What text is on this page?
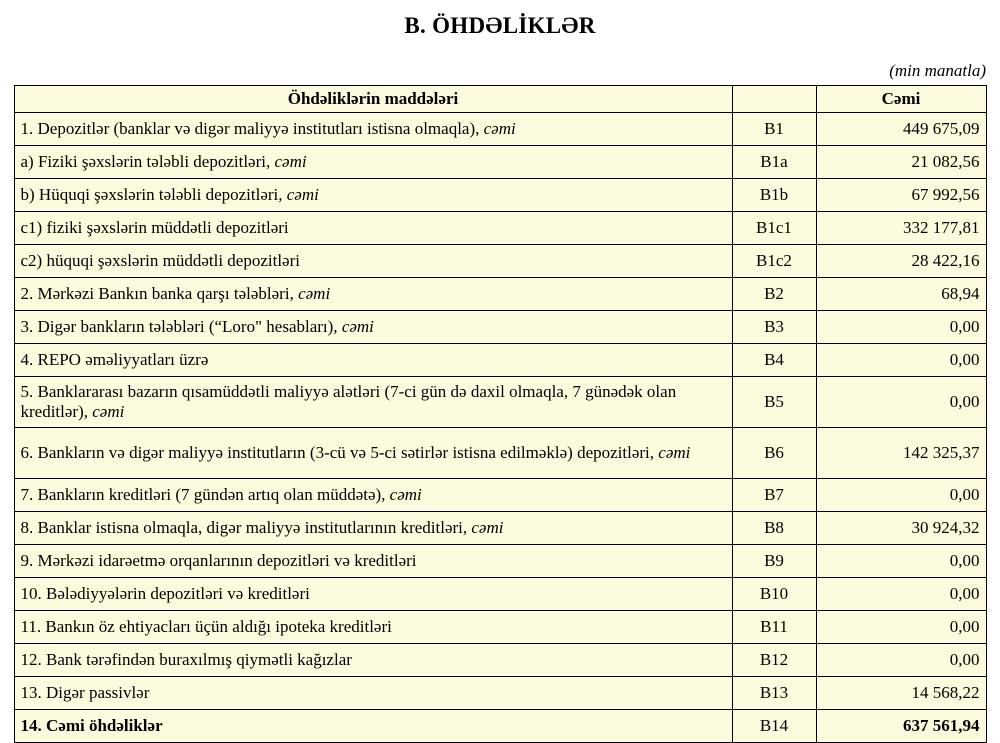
B. ÖHDƏLİKLƏR
(min manatla)
Öhdəliklərin maddələri		Cəmi
1. Depozitlər (banklar və digər maliyyə institutları istisna olmaqla), cəmi	B1	449 675,09
a) Fiziki şəxslərin tələbli depozitləri, cəmi	B1a	21 082,56
b) Hüquqi şəxslərin tələbli depozitləri, cəmi	B1b	67 992,56
c1) fiziki şəxslərin müddətli depozitləri	B1c1	332 177,81
c2) hüquqi şəxslərin müddətli depozitləri	B1c2	28 422,16
2. Mərkəzi Bankın banka qarşı tələbləri, cəmi	B2	68,94
3. Digər bankların tələbləri (“Loro" hesabları), cəmi	B3	0,00
4. REPO əməliyyatları üzrə	B4	0,00
5. Banklararası bazarın qısamüddətli maliyyə alətləri (7-ci gün də daxil olmaqla, 7 günədək olan kreditlər), cəmi	B5	0,00
6. Bankların və digər maliyyə institutların (3-cü və 5-ci sətirlər istisna edilməklə) depozitləri, cəmi	B6	142 325,37
7. Bankların kreditləri (7 gündən artıq olan müddətə), cəmi	B7	0,00
8. Banklar istisna olmaqla, digər maliyyə institutlarının kreditləri, cəmi	B8	30 924,32
9. Mərkəzi idarəetmə orqanlarının depozitləri və kreditləri	B9	0,00
10. Bələdiyyələrin depozitləri və kreditləri	B10	0,00
11. Bankın öz ehtiyacları üçün aldığı ipoteka kreditləri	B11	0,00
12. Bank tərəfindən buraxılmış qiymətli kağızlar	B12	0,00
13. Digər passivlər	B13	14 568,22
14. Cəmi öhdəliklər	B14	637 561,94
